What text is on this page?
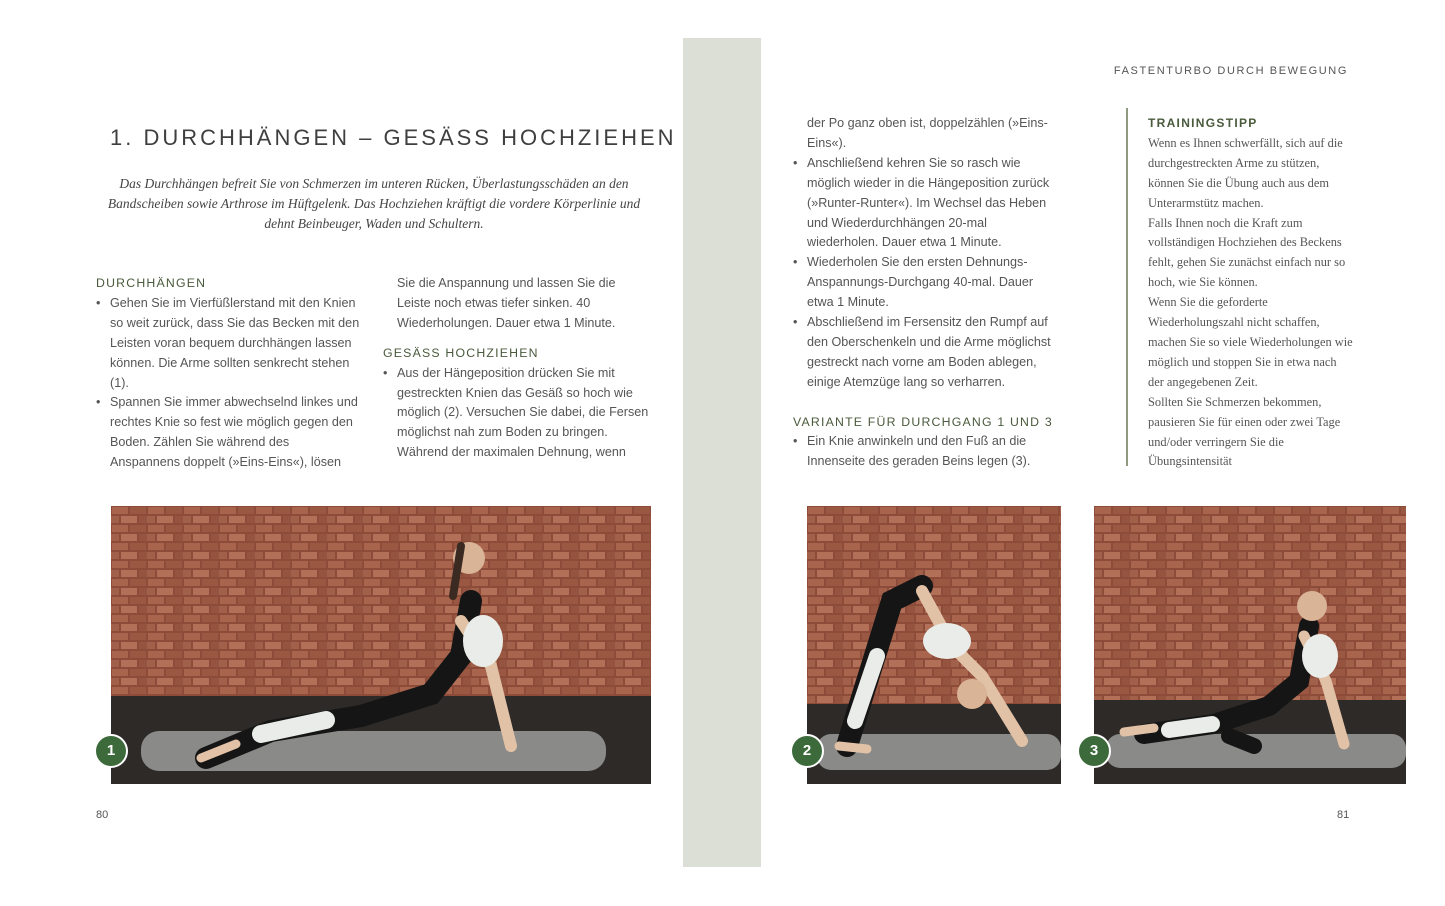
FASTENTURBO DURCH BEWEGUNG
1. DURCHHÄNGEN – GESÄSS HOCHZIEHEN
Das Durchhängen befreit Sie von Schmerzen im unteren Rücken, Überlastungsschäden an den Bandscheiben sowie Arthrose im Hüftgelenk. Das Hochziehen kräftigt die vordere Körperlinie und dehnt Beinbeuger, Waden und Schultern.
DURCHHÄNGEN
• Gehen Sie im Vierfüßlerstand mit den Knien so weit zurück, dass Sie das Becken mit den Leisten voran bequem durchhängen lassen können. Die Arme sollten senkrecht stehen (1).
• Spannen Sie immer abwechselnd linkes und rechtes Knie so fest wie möglich gegen den Boden. Zählen Sie während des Anspannens doppelt (»Eins-Eins«), lösen
Sie die Anspannung und lassen Sie die Leiste noch etwas tiefer sinken. 40 Wiederholungen. Dauer etwa 1 Minute.
GESÄSS HOCHZIEHEN
• Aus der Hängeposition drücken Sie mit gestreckten Knien das Gesäß so hoch wie möglich (2). Versuchen Sie dabei, die Fersen möglichst nah zum Boden zu bringen. Während der maximalen Dehnung, wenn
der Po ganz oben ist, doppelzählen (»Eins-Eins«).
• Anschließend kehren Sie so rasch wie möglich wieder in die Hängeposition zurück (»Runter-Runter«). Im Wechsel das Heben und Wiederdurchhängen 20-mal wiederholen. Dauer etwa 1 Minute.
• Wiederholen Sie den ersten Dehnungs-Anspannungs-Durchgang 40-mal. Dauer etwa 1 Minute.
• Abschließend im Fersensitz den Rumpf auf den Oberschenkeln und die Arme möglichst gestreckt nach vorne am Boden ablegen, einige Atemzüge lang so verharren.
VARIANTE FÜR DURCHGANG 1 UND 3
• Ein Knie anwinkeln und den Fuß an die Innenseite des geraden Beins legen (3).
TRAININGSTIPP
Wenn es Ihnen schwerfällt, sich auf die durchgestreckten Arme zu stützen, können Sie die Übung auch aus dem Unterarmstütz machen.
Falls Ihnen noch die Kraft zum vollständigen Hochziehen des Beckens fehlt, gehen Sie zunächst einfach nur so hoch, wie Sie können.
Wenn Sie die geforderte Wiederholungszahl nicht schaffen, machen Sie so viele Wiederholungen wie möglich und stoppen Sie in etwa nach der angegebenen Zeit.
Sollten Sie Schmerzen bekommen, pausieren Sie für einen oder zwei Tage und/oder verringern Sie die Übungsintensität
1	2	3
80	81
